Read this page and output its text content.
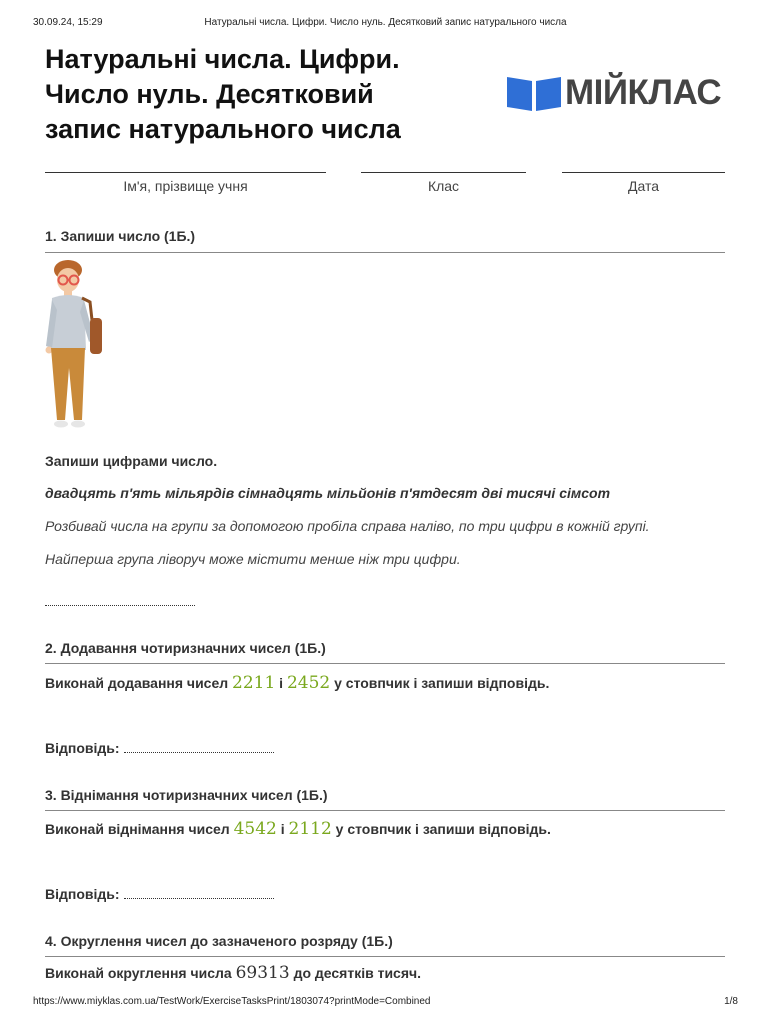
30.09.24, 15:29	Натуральні числа. Цифри. Число нуль. Десятковий запис натурального числа
Натуральні числа. Цифри.
Число нуль. Десятковий
запис натурального числа
МІЙКЛАС
Ім'я, прізвище учня	Клас	Дата
1. Запиши число (1Б.)
Запиши цифрами число.
двадцять п'ять мільярдів сімнадцять мільйонів п'ятдесят дві тисячі сімсот
Розбивай числа на групи за допомогою пробіла справа наліво, по три цифри в кожній групі.
Найперша група ліворуч може містити менше ніж три цифри.
2. Додавання чотиризначних чисел (1Б.)
Виконай додавання чисел 2211 і 2452 у стовпчик і запиши відповідь.
Відповідь:
3. Віднімання чотиризначних чисел (1Б.)
Виконай віднімання чисел 4542 і 2112 у стовпчик і запиши відповідь.
Відповідь:
4. Округлення чисел до зазначеного розряду (1Б.)
Виконай округлення числа 69313 до десятків тисяч.
https://www.miyklas.com.ua/TestWork/ExerciseTasksPrint/1803074?printMode=Combined	1/8
